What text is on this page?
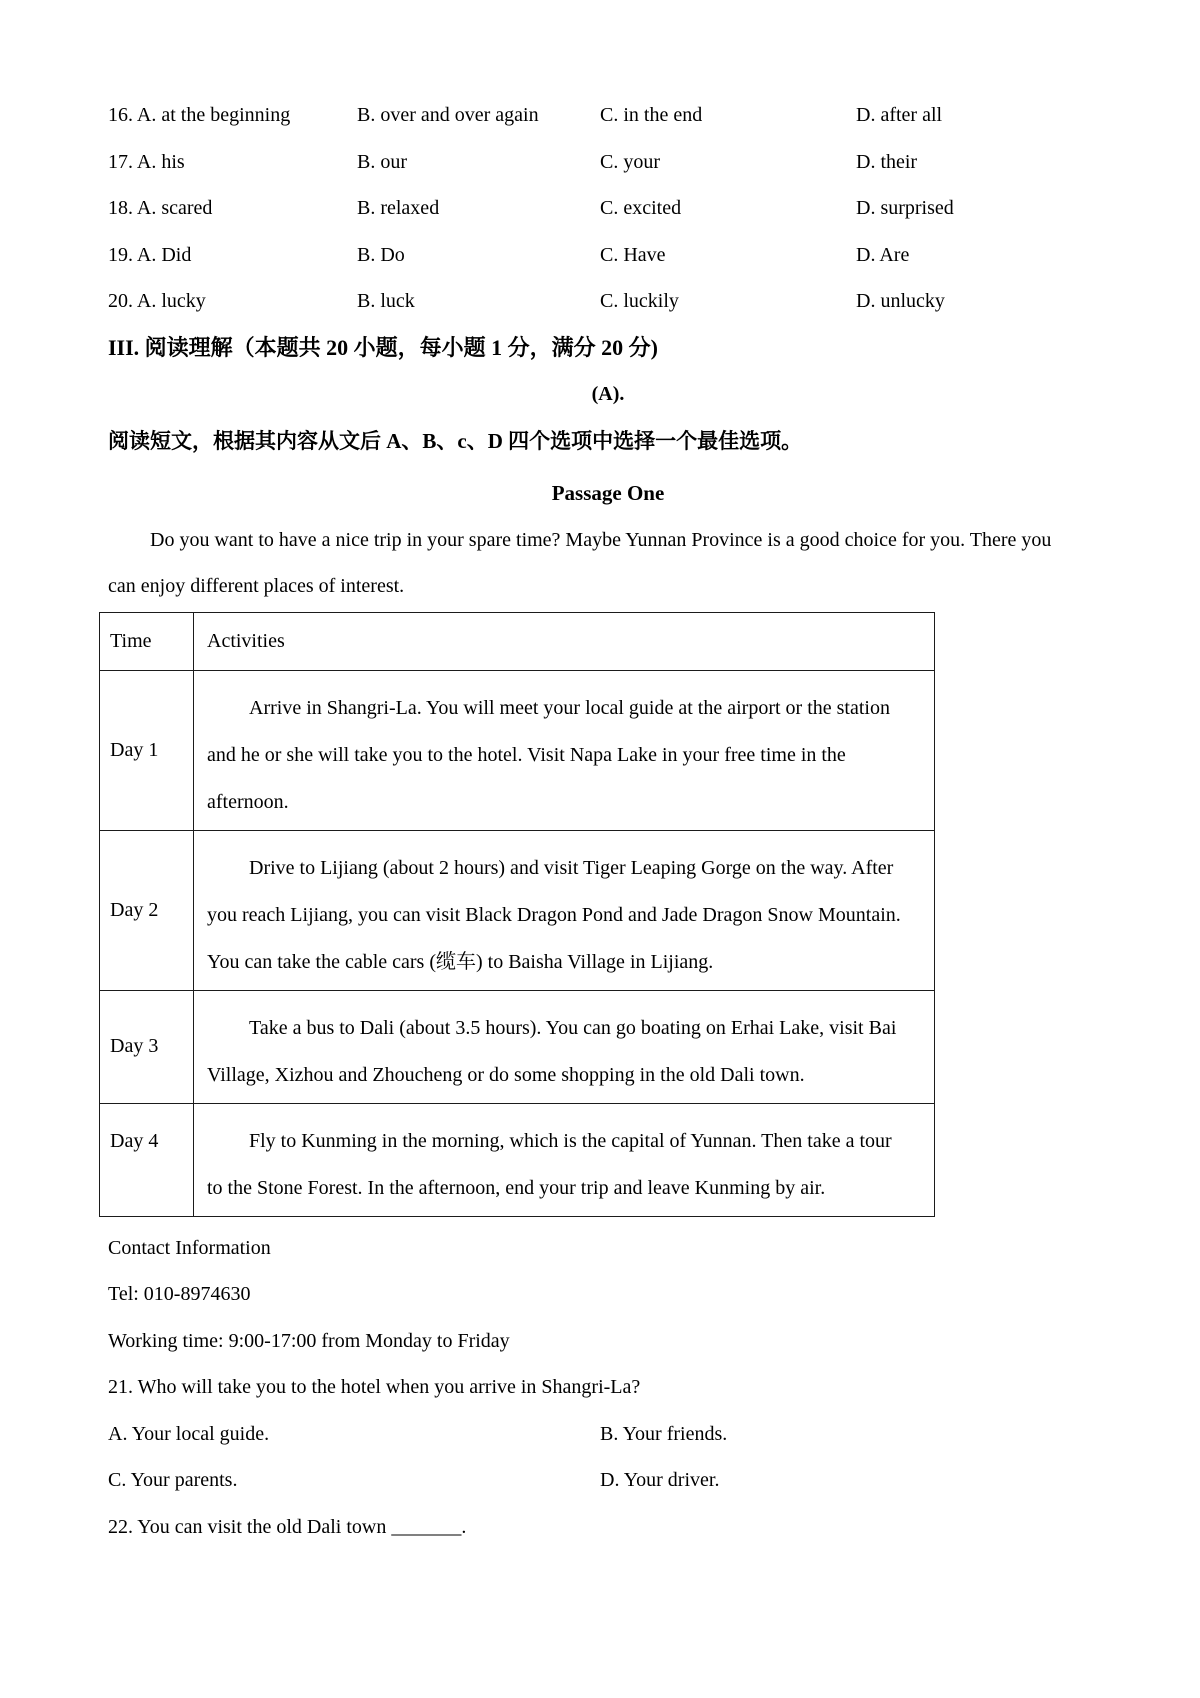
16. A. at the beginning	B. over and over again	C. in the end	D. after all
17. A. his	B. our	C. your	D. their
18. A. scared	B. relaxed	C. excited	D. surprised
19. A. Did	B. Do	C. Have	D. Are
20. A. lucky	B. luck	C. luckily	D. unlucky
III. 阅读理解（本题共 20 小题，每小题 1 分，满分 20 分)
(A).
阅读短文，根据其内容从文后 A、B、c、D 四个选项中选择一个最佳选项。
Passage One
Do you want to have a nice trip in your spare time? Maybe Yunnan Province is a good choice for you. There you
can enjoy different places of interest.
Time	Activities
Day 1	Arrive in Shangri-La. You will meet your local guide at the airport or the station
and he or she will take you to the hotel. Visit Napa Lake in your free time in the
afternoon.

Day 2	Drive to Lijiang (about 2 hours) and visit Tiger Leaping Gorge on the way. After
you reach Lijiang, you can visit Black Dragon Pond and Jade Dragon Snow Mountain.
You can take the cable cars (缆车) to Baisha Village in Lijiang.

Day 3	Take a bus to Dali (about 3.5 hours). You can go boating on Erhai Lake, visit Bai
Village, Xizhou and Zhoucheng or do some shopping in the old Dali town.

Day 4	Fly to Kunming in the morning, which is the capital of Yunnan. Then take a tour
to the Stone Forest. In the afternoon, end your trip and leave Kunming by air.
Contact Information
Tel: 010-8974630
Working time: 9:00-17:00 from Monday to Friday
21. Who will take you to the hotel when you arrive in Shangri-La?
A. Your local guide.	B. Your friends.
C. Your parents.	D. Your driver.
22. You can visit the old Dali town _______.
